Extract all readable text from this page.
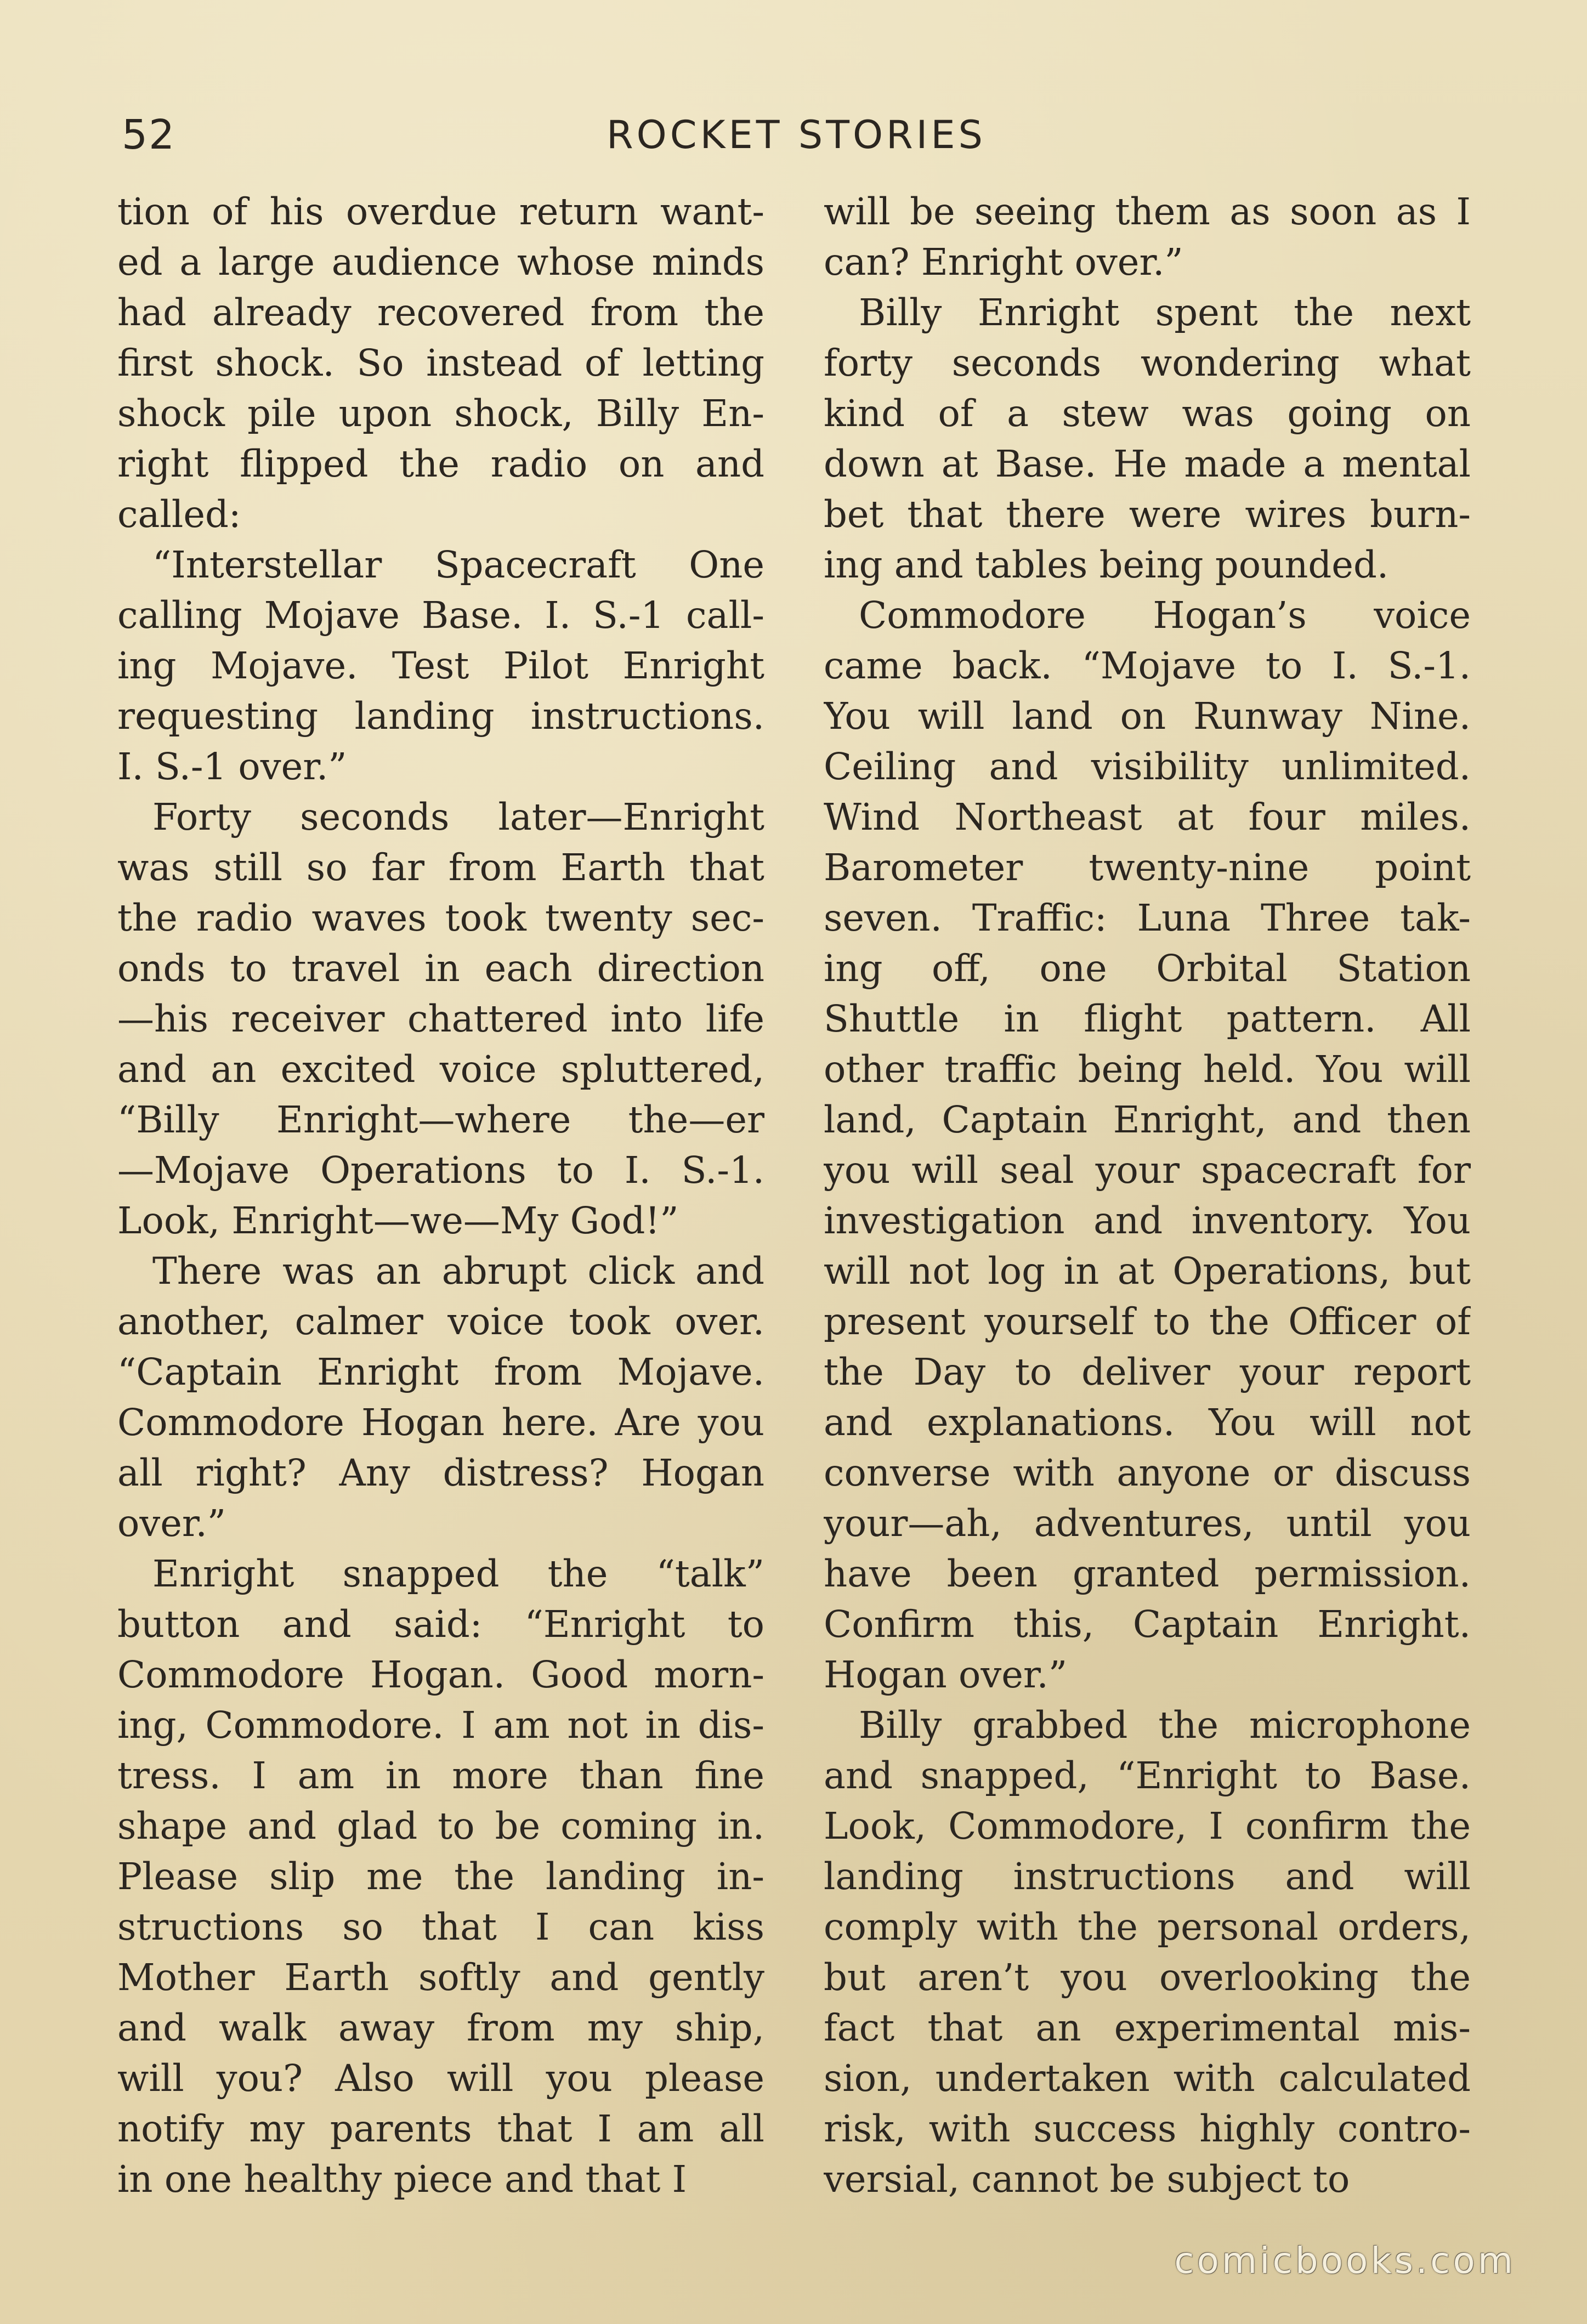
52	ROCKET STORIES
tion of his overdue return want-
ed a large audience whose minds
had already recovered from the
first shock. So instead of letting
shock pile upon shock, Billy En-
right flipped the radio on and
called:
“Interstellar Spacecraft One
calling Mojave Base. I. S.-1 call-
ing Mojave. Test Pilot Enright
requesting landing instructions.
I. S.-1 over.”
Forty seconds later—Enright
was still so far from Earth that
the radio waves took twenty sec-
onds to travel in each direction
—his receiver chattered into life
and an excited voice spluttered,
“Billy Enright—where the—er
—Mojave Operations to I. S.-1.
Look, Enright—we—My God!”
There was an abrupt click and
another, calmer voice took over.
“Captain Enright from Mojave.
Commodore Hogan here. Are you
all right? Any distress? Hogan
over.”
Enright snapped the “talk”
button and said: “Enright to
Commodore Hogan. Good morn-
ing, Commodore. I am not in dis-
tress. I am in more than fine
shape and glad to be coming in.
Please slip me the landing in-
structions so that I can kiss
Mother Earth softly and gently
and walk away from my ship,
will you? Also will you please
notify my parents that I am all
in one healthy piece and that I
will be seeing them as soon as I
can? Enright over.”
Billy Enright spent the next
forty seconds wondering what
kind of a stew was going on
down at Base. He made a mental
bet that there were wires burn-
ing and tables being pounded.
Commodore Hogan’s voice
came back. “Mojave to I. S.-1.
You will land on Runway Nine.
Ceiling and visibility unlimited.
Wind Northeast at four miles.
Barometer twenty-nine point
seven. Traffic: Luna Three tak-
ing off, one Orbital Station
Shuttle in flight pattern. All
other traffic being held. You will
land, Captain Enright, and then
you will seal your spacecraft for
investigation and inventory. You
will not log in at Operations, but
present yourself to the Officer of
the Day to deliver your report
and explanations. You will not
converse with anyone or discuss
your—ah, adventures, until you
have been granted permission.
Confirm this, Captain Enright.
Hogan over.”
Billy grabbed the microphone
and snapped, “Enright to Base.
Look, Commodore, I confirm the
landing instructions and will
comply with the personal orders,
but aren’t you overlooking the
fact that an experimental mis-
sion, undertaken with calculated
risk, with success highly contro-
versial, cannot be subject to
comicbooks.com
